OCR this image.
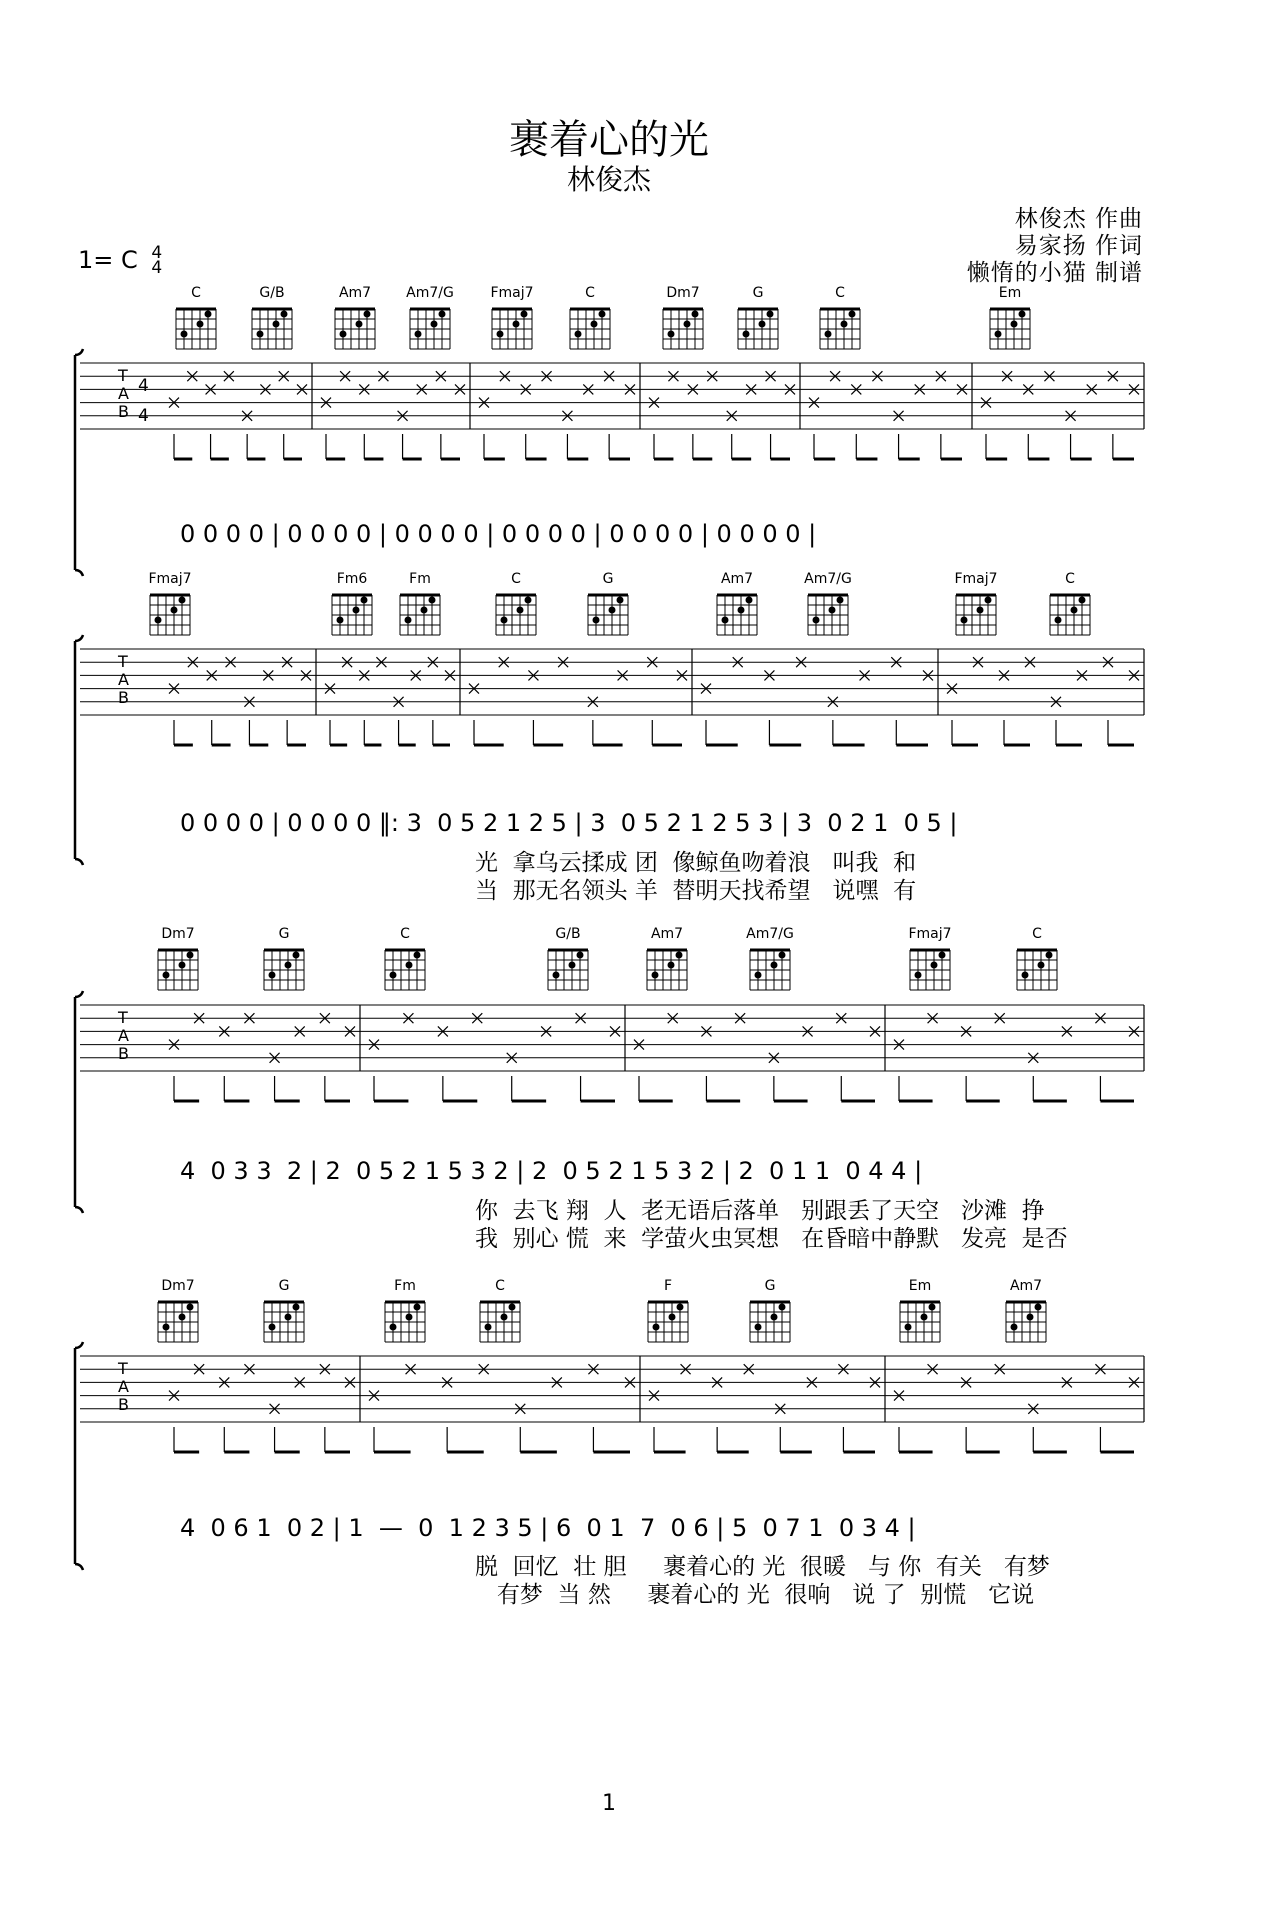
裹着心的光
林俊杰
林俊杰 作曲
易家扬 作词
懒惰的小猫 制谱
1= C 4
4
T
A
B
4
4
C	G/B	Am7	Am7/G	Fmaj7	C	Dm7	G	C	Em
0 0 0 0 | 0 0 0 0 | 0 0 0 0 | 0 0 0 0 | 0 0 0 0 | 0 0 0 0 |
T
A
B
Fmaj7	Fm6	Fm	C	G	Am7	Am7/G	Fmaj7	C
0 0 0 0 | 0 0 0 0 ‖: 3  0 5 2 1 2 5 | 3  0 5 2 1 2 5 3 | 3  0 2 1  0 5 |
光  拿乌云揉成 团  像鲸鱼吻着浪   叫我  和
当  那无名领头 羊  替明天找希望   说嘿  有
T
A
B
Dm7	G	C	G/B	Am7	Am7/G	Fmaj7	C
4  0 3 3  2 | 2  0 5 2 1 5 3 2 | 2  0 5 2 1 5 3 2 | 2  0 1 1  0 4 4 |
你  去飞 翔  人  老无语后落单   别跟丢了天空   沙滩  挣
我  别心 慌  来  学萤火虫冥想   在昏暗中静默   发亮  是否
T
A
B
Dm7	G	Fm	C	F	G	Em	Am7
4  0 6 1  0 2 | 1  —  0  1 2 3 5 | 6  0 1  7  0 6 | 5  0 7 1  0 3 4 |
脱  回忆  壮 胆     裹着心的 光  很暖   与 你  有关   有梦
有梦  当 然     裹着心的 光  很响   说 了  别慌   它说
1
